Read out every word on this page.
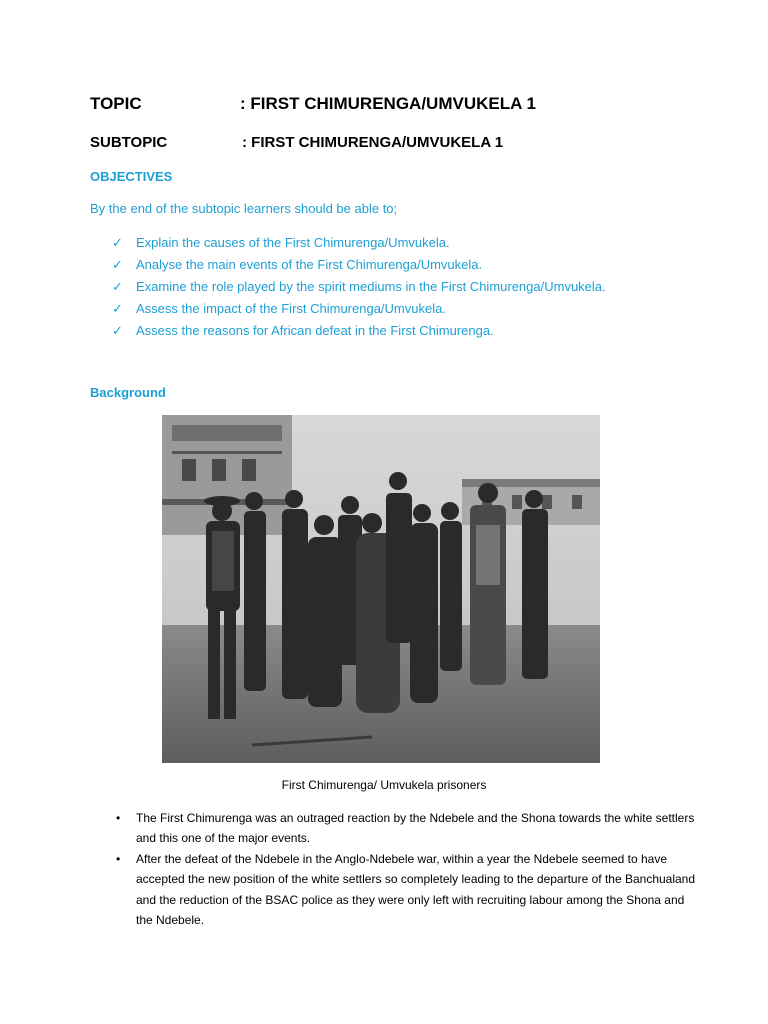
TOPIC	: FIRST CHIMURENGA/UMVUKELA 1
SUBTOPIC	: FIRST CHIMURENGA/UMVUKELA 1
OBJECTIVES
By the end of the subtopic learners should be able to;
✓ Explain the causes of the First Chimurenga/Umvukela.
✓ Analyse the main events of the First Chimurenga/Umvukela.
✓ Examine the role played by the spirit mediums in the First Chimurenga/Umvukela.
✓ Assess the impact of the First Chimurenga/Umvukela.
✓ Assess the reasons for African defeat in the First Chimurenga.
Background
First Chimurenga/ Umvukela prisoners
• The First Chimurenga was an outraged reaction by the Ndebele and the Shona towards the white settlers and this one of the major events.
• After the defeat of the Ndebele in the Anglo-Ndebele war, within a year the Ndebele seemed to have accepted the new position of the white settlers so completely leading to the departure of the Banchualand and the reduction of the BSAC police as they were only left with recruiting labour among the Shona and the Ndebele.
